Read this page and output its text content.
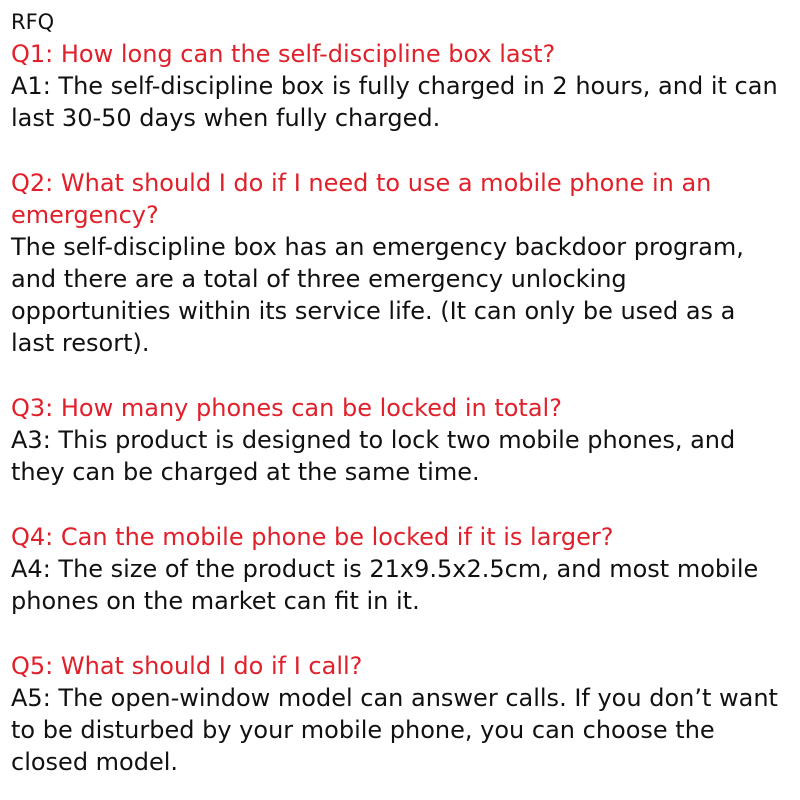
RFQ
Q1: How long can the self-discipline box last?
A1: The self-discipline box is fully charged in 2 hours, and it can last 30-50 days when fully charged.
Q2: What should I do if I need to use a mobile phone in an emergency?
The self-discipline box has an emergency backdoor program, and there are a total of three emergency unlocking opportunities within its service life. (It can only be used as a last resort).
Q3: How many phones can be locked in total?
A3: This product is designed to lock two mobile phones, and they can be charged at the same time.
Q4: Can the mobile phone be locked if it is larger?
A4: The size of the product is 21x9.5x2.5cm, and most mobile phones on the market can fit in it.
Q5: What should I do if I call?
A5: The open-window model can answer calls. If you don’t want to be disturbed by your mobile phone, you can choose the closed model.
